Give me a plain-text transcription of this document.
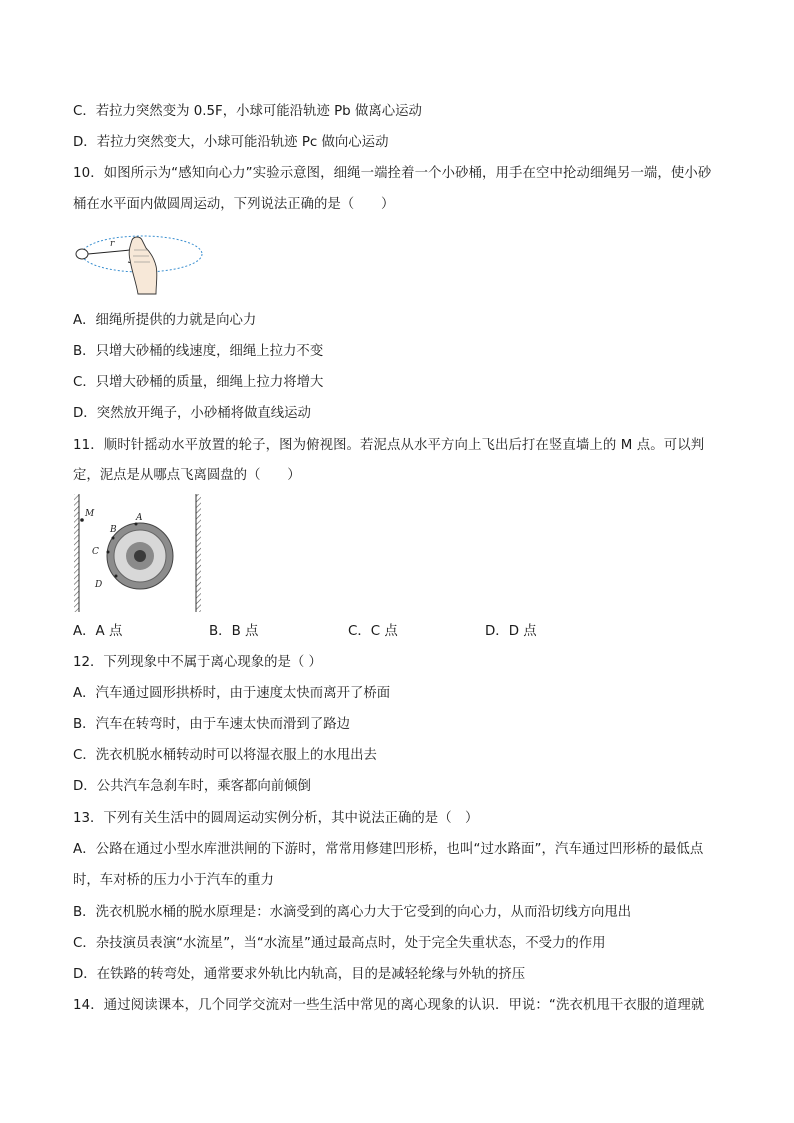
C．若拉力突然变为 0.5F，小球可能沿轨迹 Pb 做离心运动
D．若拉力突然变大，小球可能沿轨迹 Pc 做向心运动
10．如图所示为“感知向心力”实验示意图，细绳一端拴着一个小砂桶，用手在空中抡动细绳另一端，使小砂
桶在水平面内做圆周运动，下列说法正确的是（　　）
r
A．细绳所提供的力就是向心力
B．只增大砂桶的线速度，细绳上拉力不变
C．只增大砂桶的质量，细绳上拉力将增大
D．突然放开绳子，小砂桶将做直线运动
11．顺时针摇动水平放置的轮子，图为俯视图。若泥点从水平方向上飞出后打在竖直墙上的 M 点。可以判
定，泥点是从哪点飞离圆盘的（　　）
M	A
B
C
D
A．A 点	B．B 点	C．C 点	D．D 点
12．下列现象中不属于离心现象的是（ ）
A．汽车通过圆形拱桥时，由于速度太快而离开了桥面
B．汽车在转弯时，由于车速太快而滑到了路边
C．洗衣机脱水桶转动时可以将湿衣服上的水甩出去
D．公共汽车急刹车时，乘客都向前倾倒
13．下列有关生活中的圆周运动实例分析，其中说法正确的是（　）
A．公路在通过小型水库泄洪闸的下游时，常常用修建凹形桥，也叫“过水路面”，汽车通过凹形桥的最低点
时，车对桥的压力小于汽车的重力
B．洗衣机脱水桶的脱水原理是：水滴受到的离心力大于它受到的向心力，从而沿切线方向甩出
C．杂技演员表演“水流星”，当“水流星”通过最高点时，处于完全失重状态，不受力的作用
D．在铁路的转弯处，通常要求外轨比内轨高，目的是减轻轮缘与外轨的挤压
14．通过阅读课本，几个同学交流对一些生活中常见的离心现象的认识．甲说：“洗衣机甩干衣服的道理就
